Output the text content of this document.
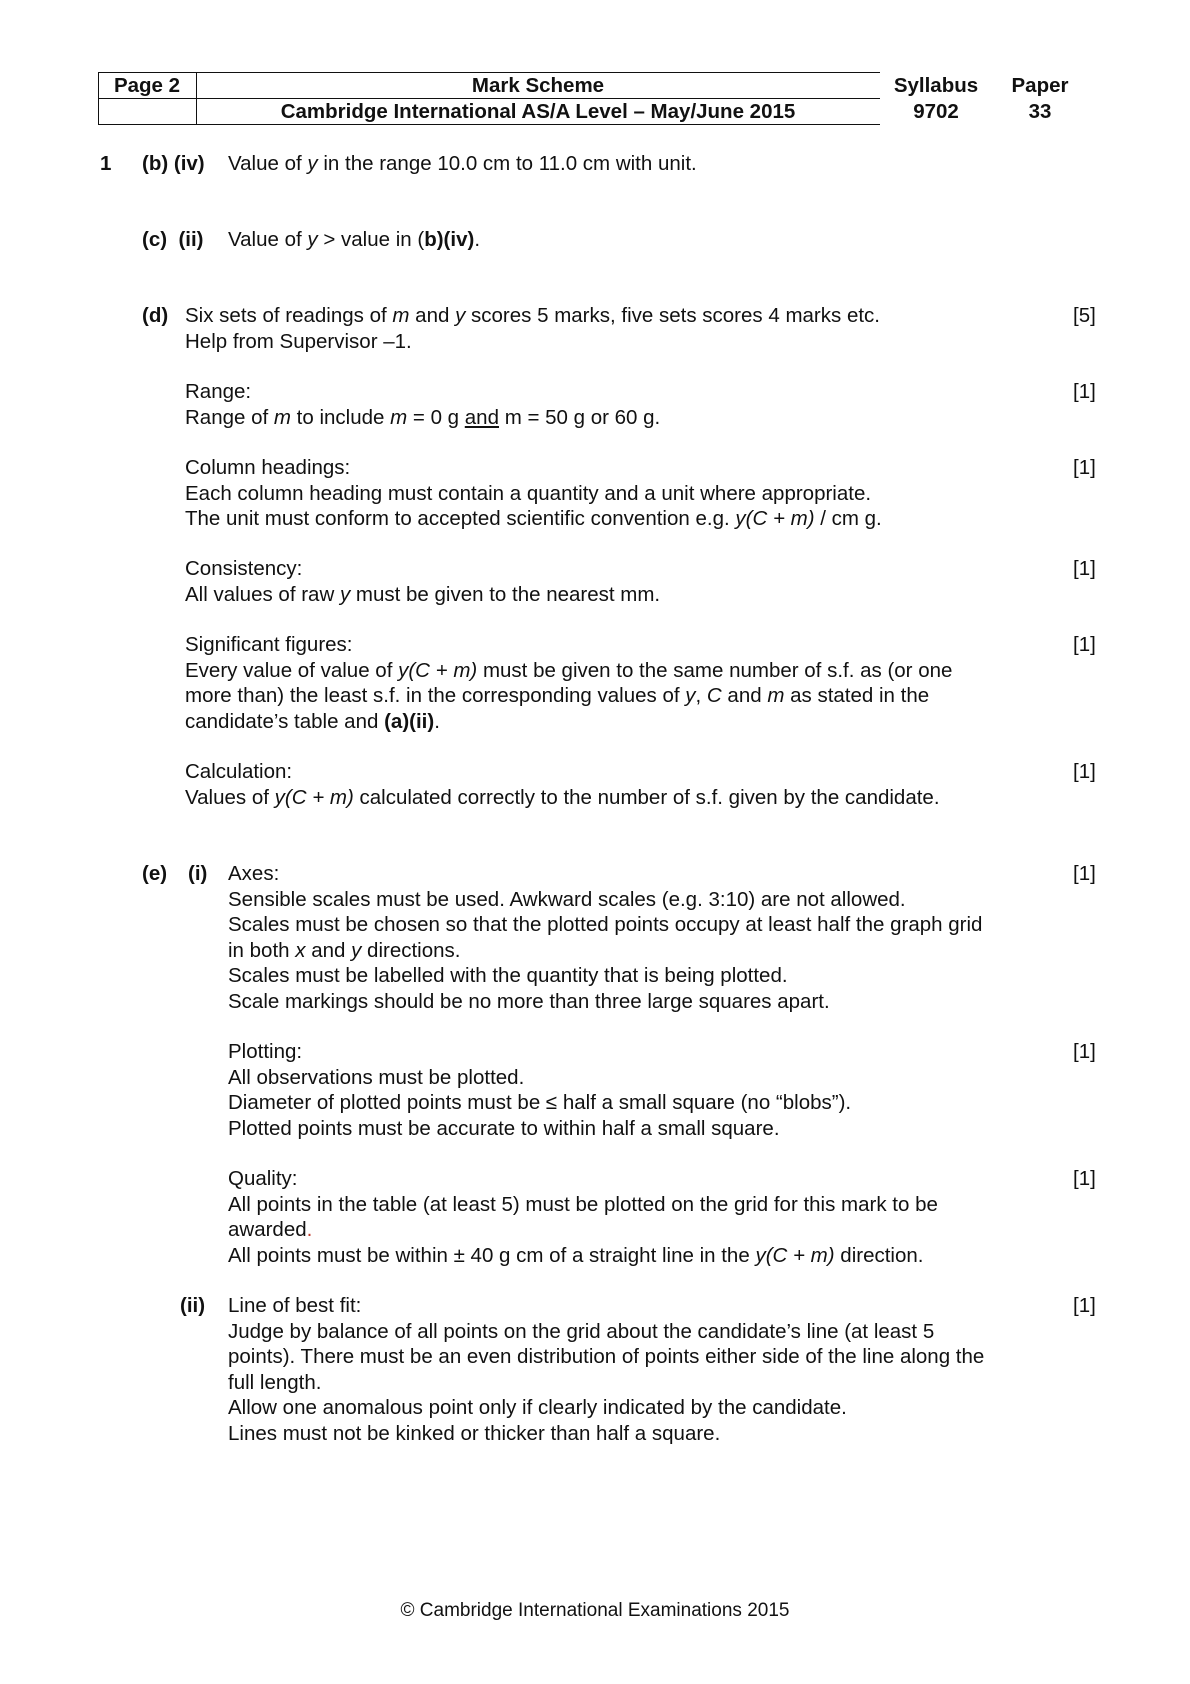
Page 2	Mark Scheme
Cambridge International AS/A Level – May/June 2015
Syllabus
9702
Paper
33
1 (b) (iv) Value of y in the range 10.0 cm to 11.0 cm with unit.
(c)  (ii) Value of y > value in (b)(iv).
(d) Six sets of readings of m and y scores 5 marks, five sets scores 4 marks etc.
Help from Supervisor –1.
[5]
Range:
Range of m to include m = 0 g and m = 50 g or 60 g.
[1]
Column headings:
Each column heading must contain a quantity and a unit where appropriate.
The unit must conform to accepted scientific convention e.g. y(C + m) / cm g.
[1]
Consistency:
All values of raw y must be given to the nearest mm.
[1]
Significant figures:
Every value of value of y(C + m) must be given to the same number of s.f. as (or one
more than) the least s.f. in the corresponding values of y, C and m as stated in the
candidate’s table and (a)(ii).
[1]
Calculation:
Values of y(C + m) calculated correctly to the number of s.f. given by the candidate.
[1]
(e) (i) Axes:
Sensible scales must be used. Awkward scales (e.g. 3:10) are not allowed.
Scales must be chosen so that the plotted points occupy at least half the graph grid
in both x and y directions.
Scales must be labelled with the quantity that is being plotted.
Scale markings should be no more than three large squares apart.
[1]
Plotting:
All observations must be plotted.
Diameter of plotted points must be ≤ half a small square (no “blobs”).
Plotted points must be accurate to within half a small square.
[1]
Quality:
All points in the table (at least 5) must be plotted on the grid for this mark to be
awarded.
All points must be within ± 40 g cm of a straight line in the y(C + m) direction.
[1]
(ii) Line of best fit:
Judge by balance of all points on the grid about the candidate’s line (at least 5
points). There must be an even distribution of points either side of the line along the
full length.
Allow one anomalous point only if clearly indicated by the candidate.
Lines must not be kinked or thicker than half a square.
[1]
© Cambridge International Examinations 2015
